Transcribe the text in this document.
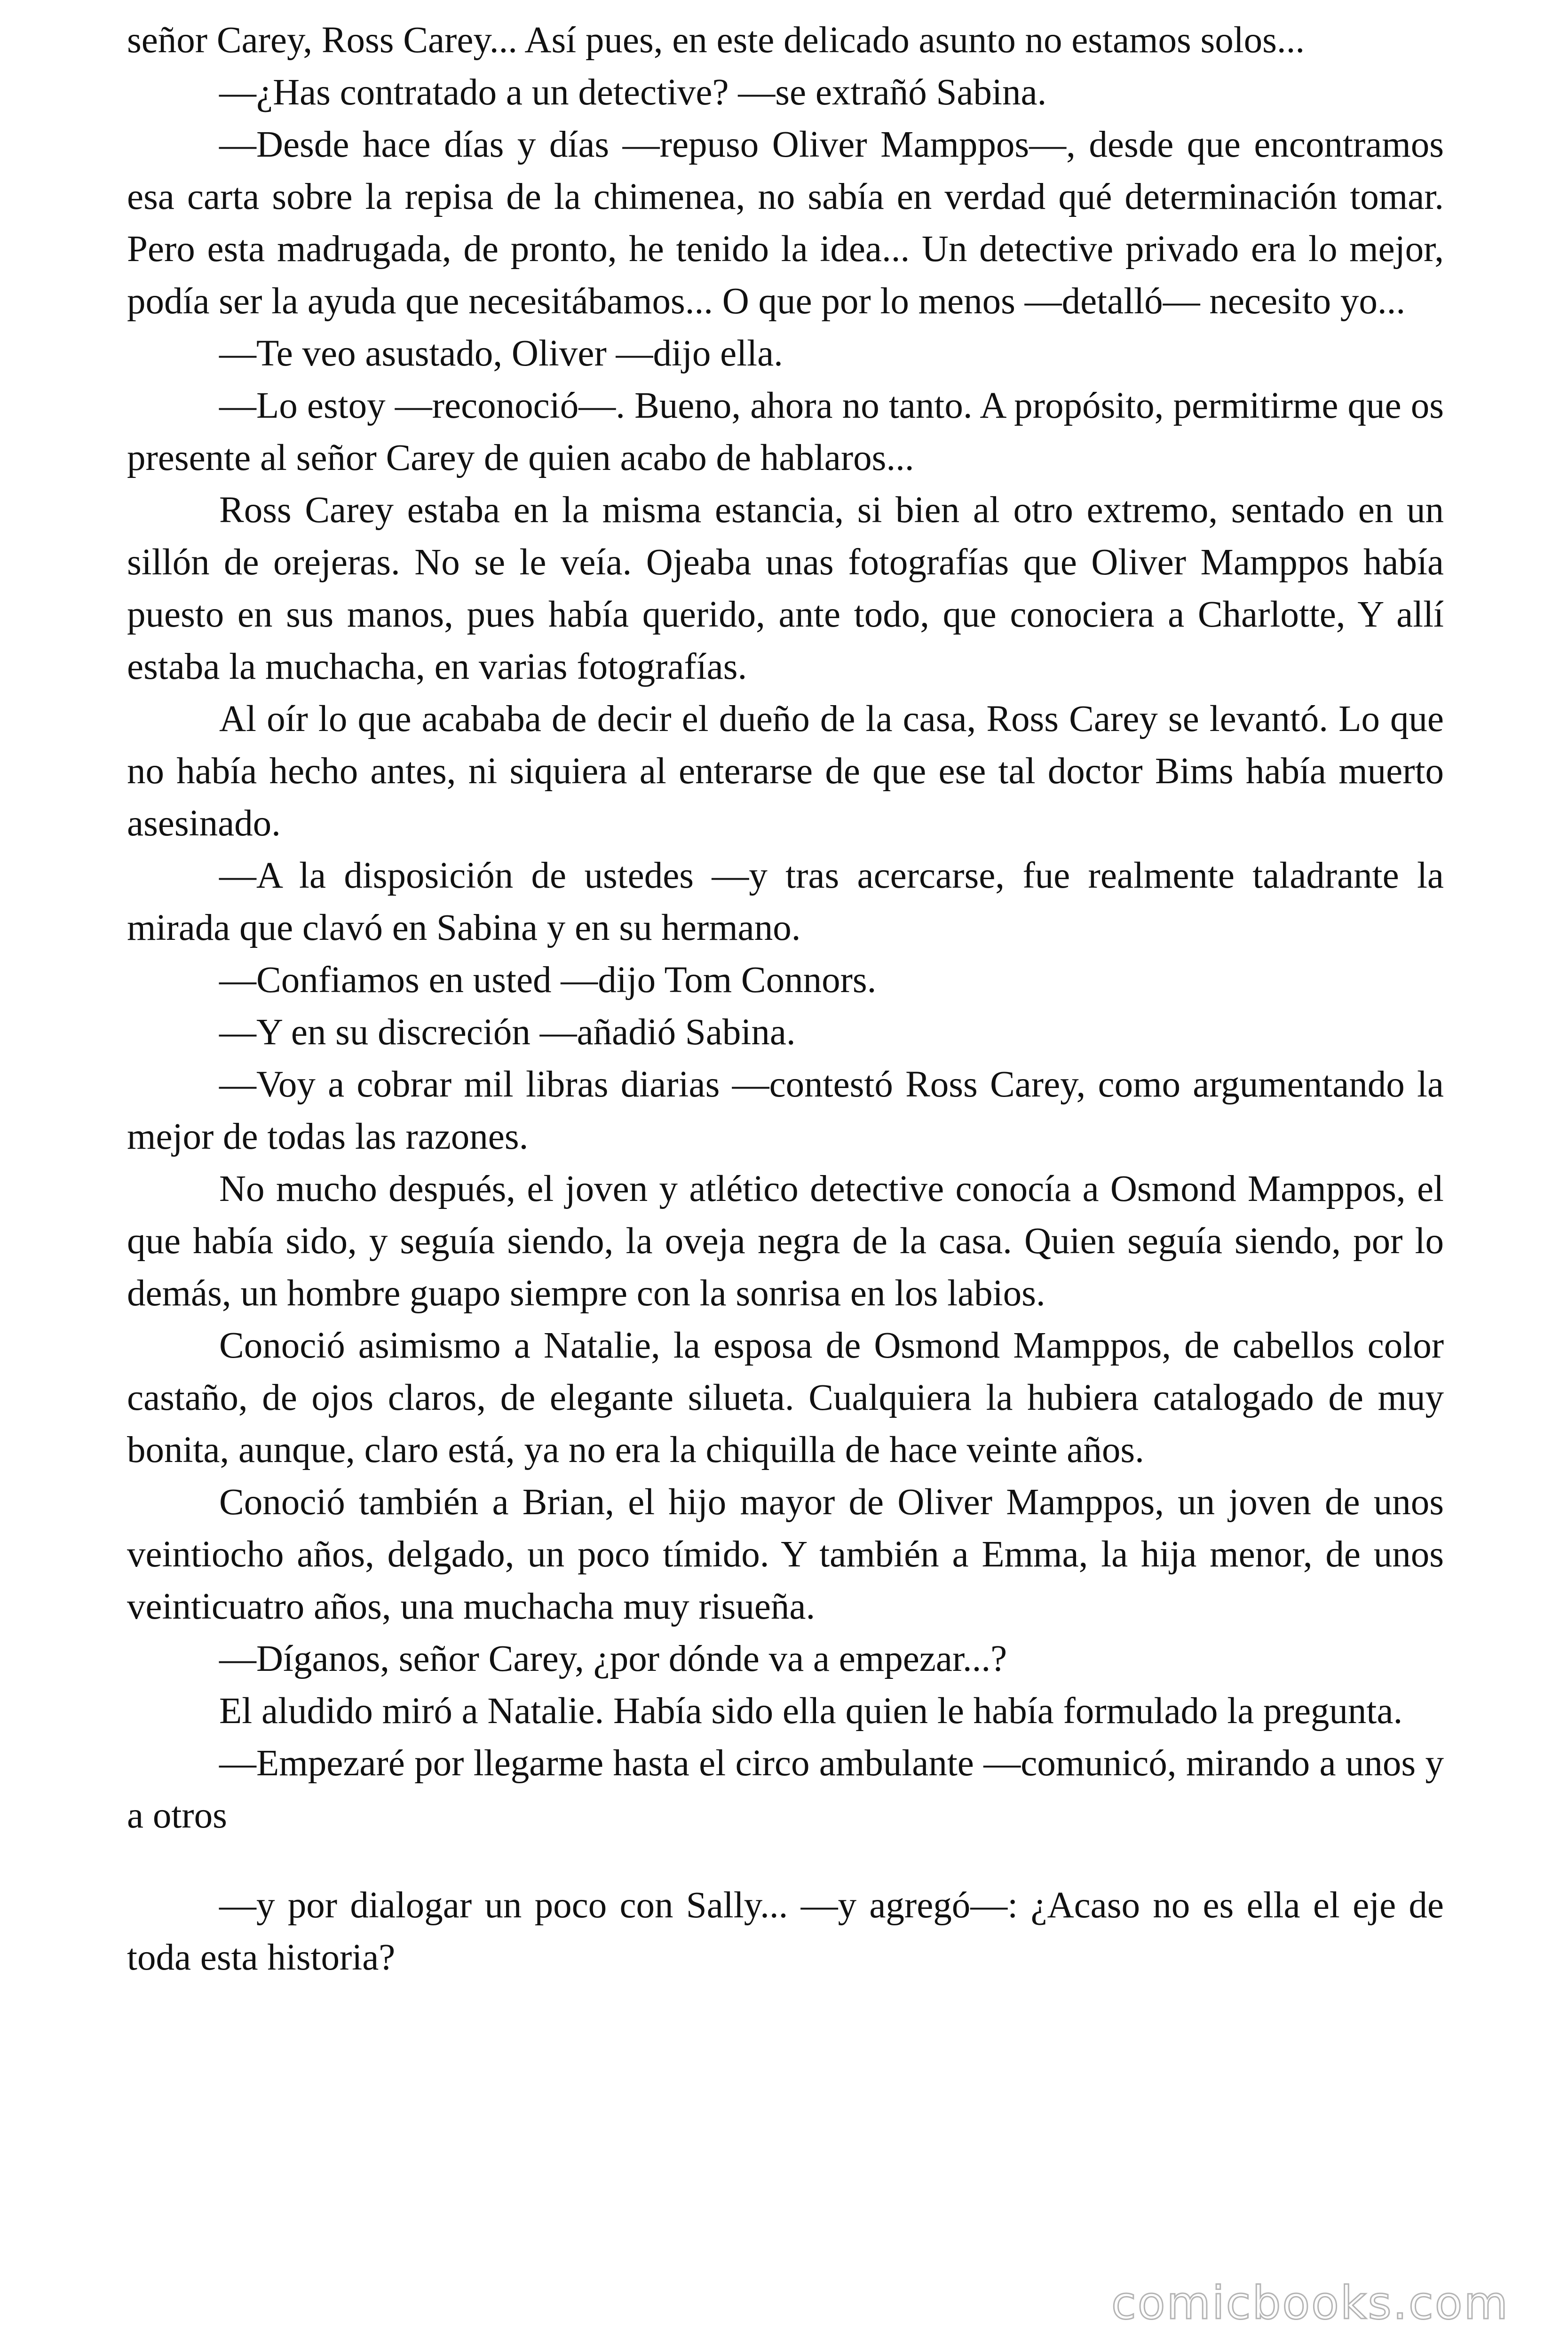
señor Carey, Ross Carey... Así pues, en este delicado asunto no estamos solos...

—¿Has contratado a un detective? —se extrañó Sabina.

—Desde hace días y días —repuso Oliver Mamppos—, desde que encontramos esa carta sobre la repisa de la chimenea, no sabía en verdad qué determinación tomar. Pero esta madrugada, de pronto, he tenido la idea... Un detective privado era lo mejor, podía ser la ayuda que necesitábamos... O que por lo menos —detalló— necesito yo...

—Te veo asustado, Oliver —dijo ella.

—Lo estoy —reconoció—. Bueno, ahora no tanto. A propósito, permitirme que os presente al señor Carey de quien acabo de hablaros...

Ross Carey estaba en la misma estancia, si bien al otro extremo, sentado en un sillón de orejeras. No se le veía. Ojeaba unas fotografías que Oliver Mamppos había puesto en sus manos, pues había querido, ante todo, que conociera a Charlotte, Y allí estaba la muchacha, en varias fotografías.

Al oír lo que acababa de decir el dueño de la casa, Ross Carey se levantó. Lo que no había hecho antes, ni siquiera al enterarse de que ese tal doctor Bims había muerto asesinado.

—A la disposición de ustedes —y tras acercarse, fue realmente taladrante la mirada que clavó en Sabina y en su hermano.

—Confiamos en usted —dijo Tom Connors.

—Y en su discreción —añadió Sabina.

—Voy a cobrar mil libras diarias —contestó Ross Carey, como argumentando la mejor de todas las razones.

No mucho después, el joven y atlético detective conocía a Osmond Mamppos, el que había sido, y seguía siendo, la oveja negra de la casa. Quien seguía siendo, por lo demás, un hombre guapo siempre con la sonrisa en los labios.

Conoció asimismo a Natalie, la esposa de Osmond Mamppos, de cabellos color castaño, de ojos claros, de elegante silueta. Cualquiera la hubiera catalogado de muy bonita, aunque, claro está, ya no era la chiquilla de hace veinte años.

Conoció también a Brian, el hijo mayor de Oliver Mamppos, un joven de unos veintiocho años, delgado, un poco tímido. Y también a Emma, la hija menor, de unos veinticuatro años, una muchacha muy risueña.

—Díganos, señor Carey, ¿por dónde va a empezar...?

El aludido miró a Natalie. Había sido ella quien le había formulado la pregunta.

—Empezaré por llegarme hasta el circo ambulante —comunicó, mirando a unos y a otros

—y por dialogar un poco con Sally... —y agregó—: ¿Acaso no es ella el eje de toda esta historia?

comicbooks.com
